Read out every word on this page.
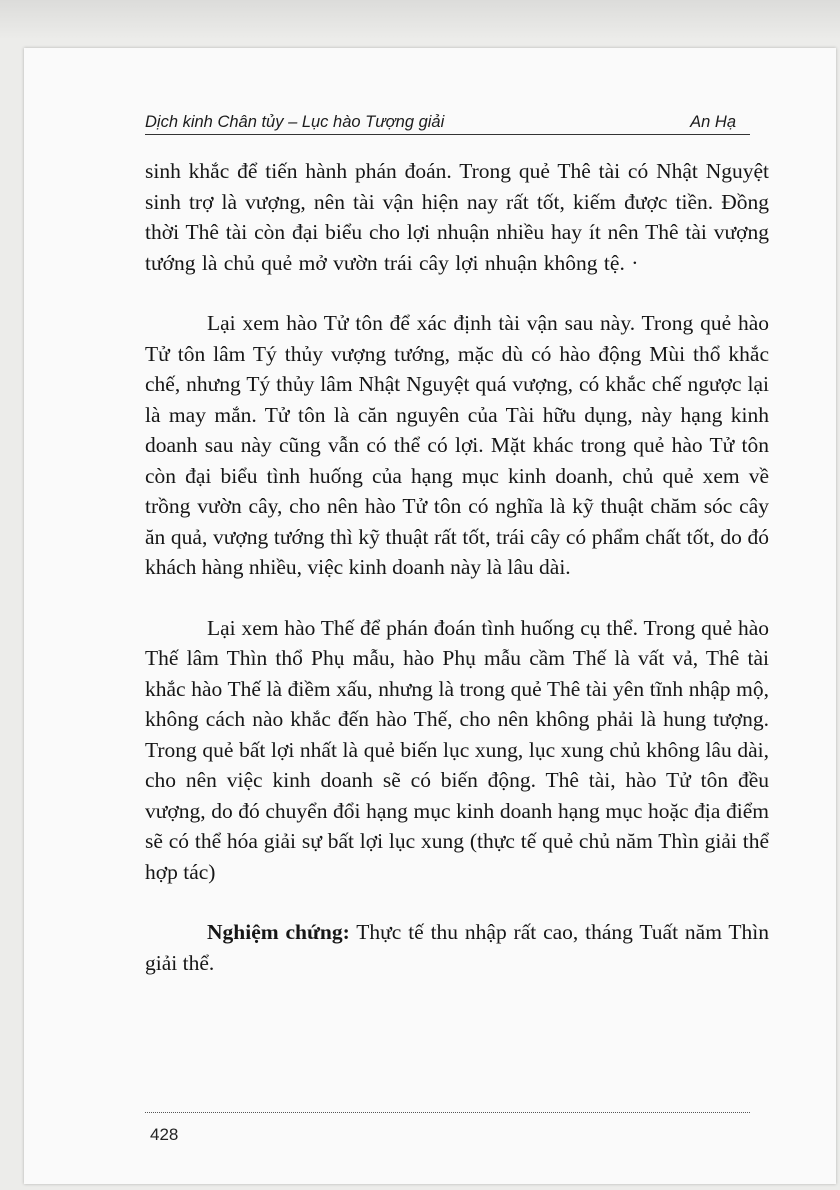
Dịch kinh Chân tủy – Lục hào Tượng giải	An Hạ

sinh khắc để tiến hành phán đoán. Trong quẻ Thê tài có Nhật Nguyệt sinh trợ là vượng, nên tài vận hiện nay rất tốt, kiếm được tiền. Đồng thời Thê tài còn đại biểu cho lợi nhuận nhiều hay ít nên Thê tài vượng tướng là chủ quẻ mở vườn trái cây lợi nhuận không tệ. ·

Lại xem hào Tử tôn để xác định tài vận sau này. Trong quẻ hào Tử tôn lâm Tý thủy vượng tướng, mặc dù có hào động Mùi thổ khắc chế, nhưng Tý thủy lâm Nhật Nguyệt quá vượng, có khắc chế ngược lại là may mắn. Tử tôn là căn nguyên của Tài hữu dụng, này hạng kinh doanh sau này cũng vẫn có thể có lợi. Mặt khác trong quẻ hào Tử tôn còn đại biểu tình huống của hạng mục kinh doanh, chủ quẻ xem về trồng vườn cây, cho nên hào Tử tôn có nghĩa là kỹ thuật chăm sóc cây ăn quả, vượng tướng thì kỹ thuật rất tốt, trái cây có phẩm chất tốt, do đó khách hàng nhiều, việc kinh doanh này là lâu dài.

Lại xem hào Thế để phán đoán tình huống cụ thể. Trong quẻ hào Thế lâm Thìn thổ Phụ mẫu, hào Phụ mẫu cầm Thế là vất vả, Thê tài khắc hào Thế là điềm xấu, nhưng là trong quẻ Thê tài yên tĩnh nhập mộ, không cách nào khắc đến hào Thế, cho nên không phải là hung tượng. Trong quẻ bất lợi nhất là quẻ biến lục xung, lục xung chủ không lâu dài, cho nên việc kinh doanh sẽ có biến động. Thê tài, hào Tử tôn đều vượng, do đó chuyển đổi hạng mục kinh doanh hạng mục hoặc địa điểm sẽ có thể hóa giải sự bất lợi lục xung (thực tế quẻ chủ năm Thìn giải thể hợp tác)

Nghiệm chứng: Thực tế thu nhập rất cao, tháng Tuất năm Thìn giải thể.

428
